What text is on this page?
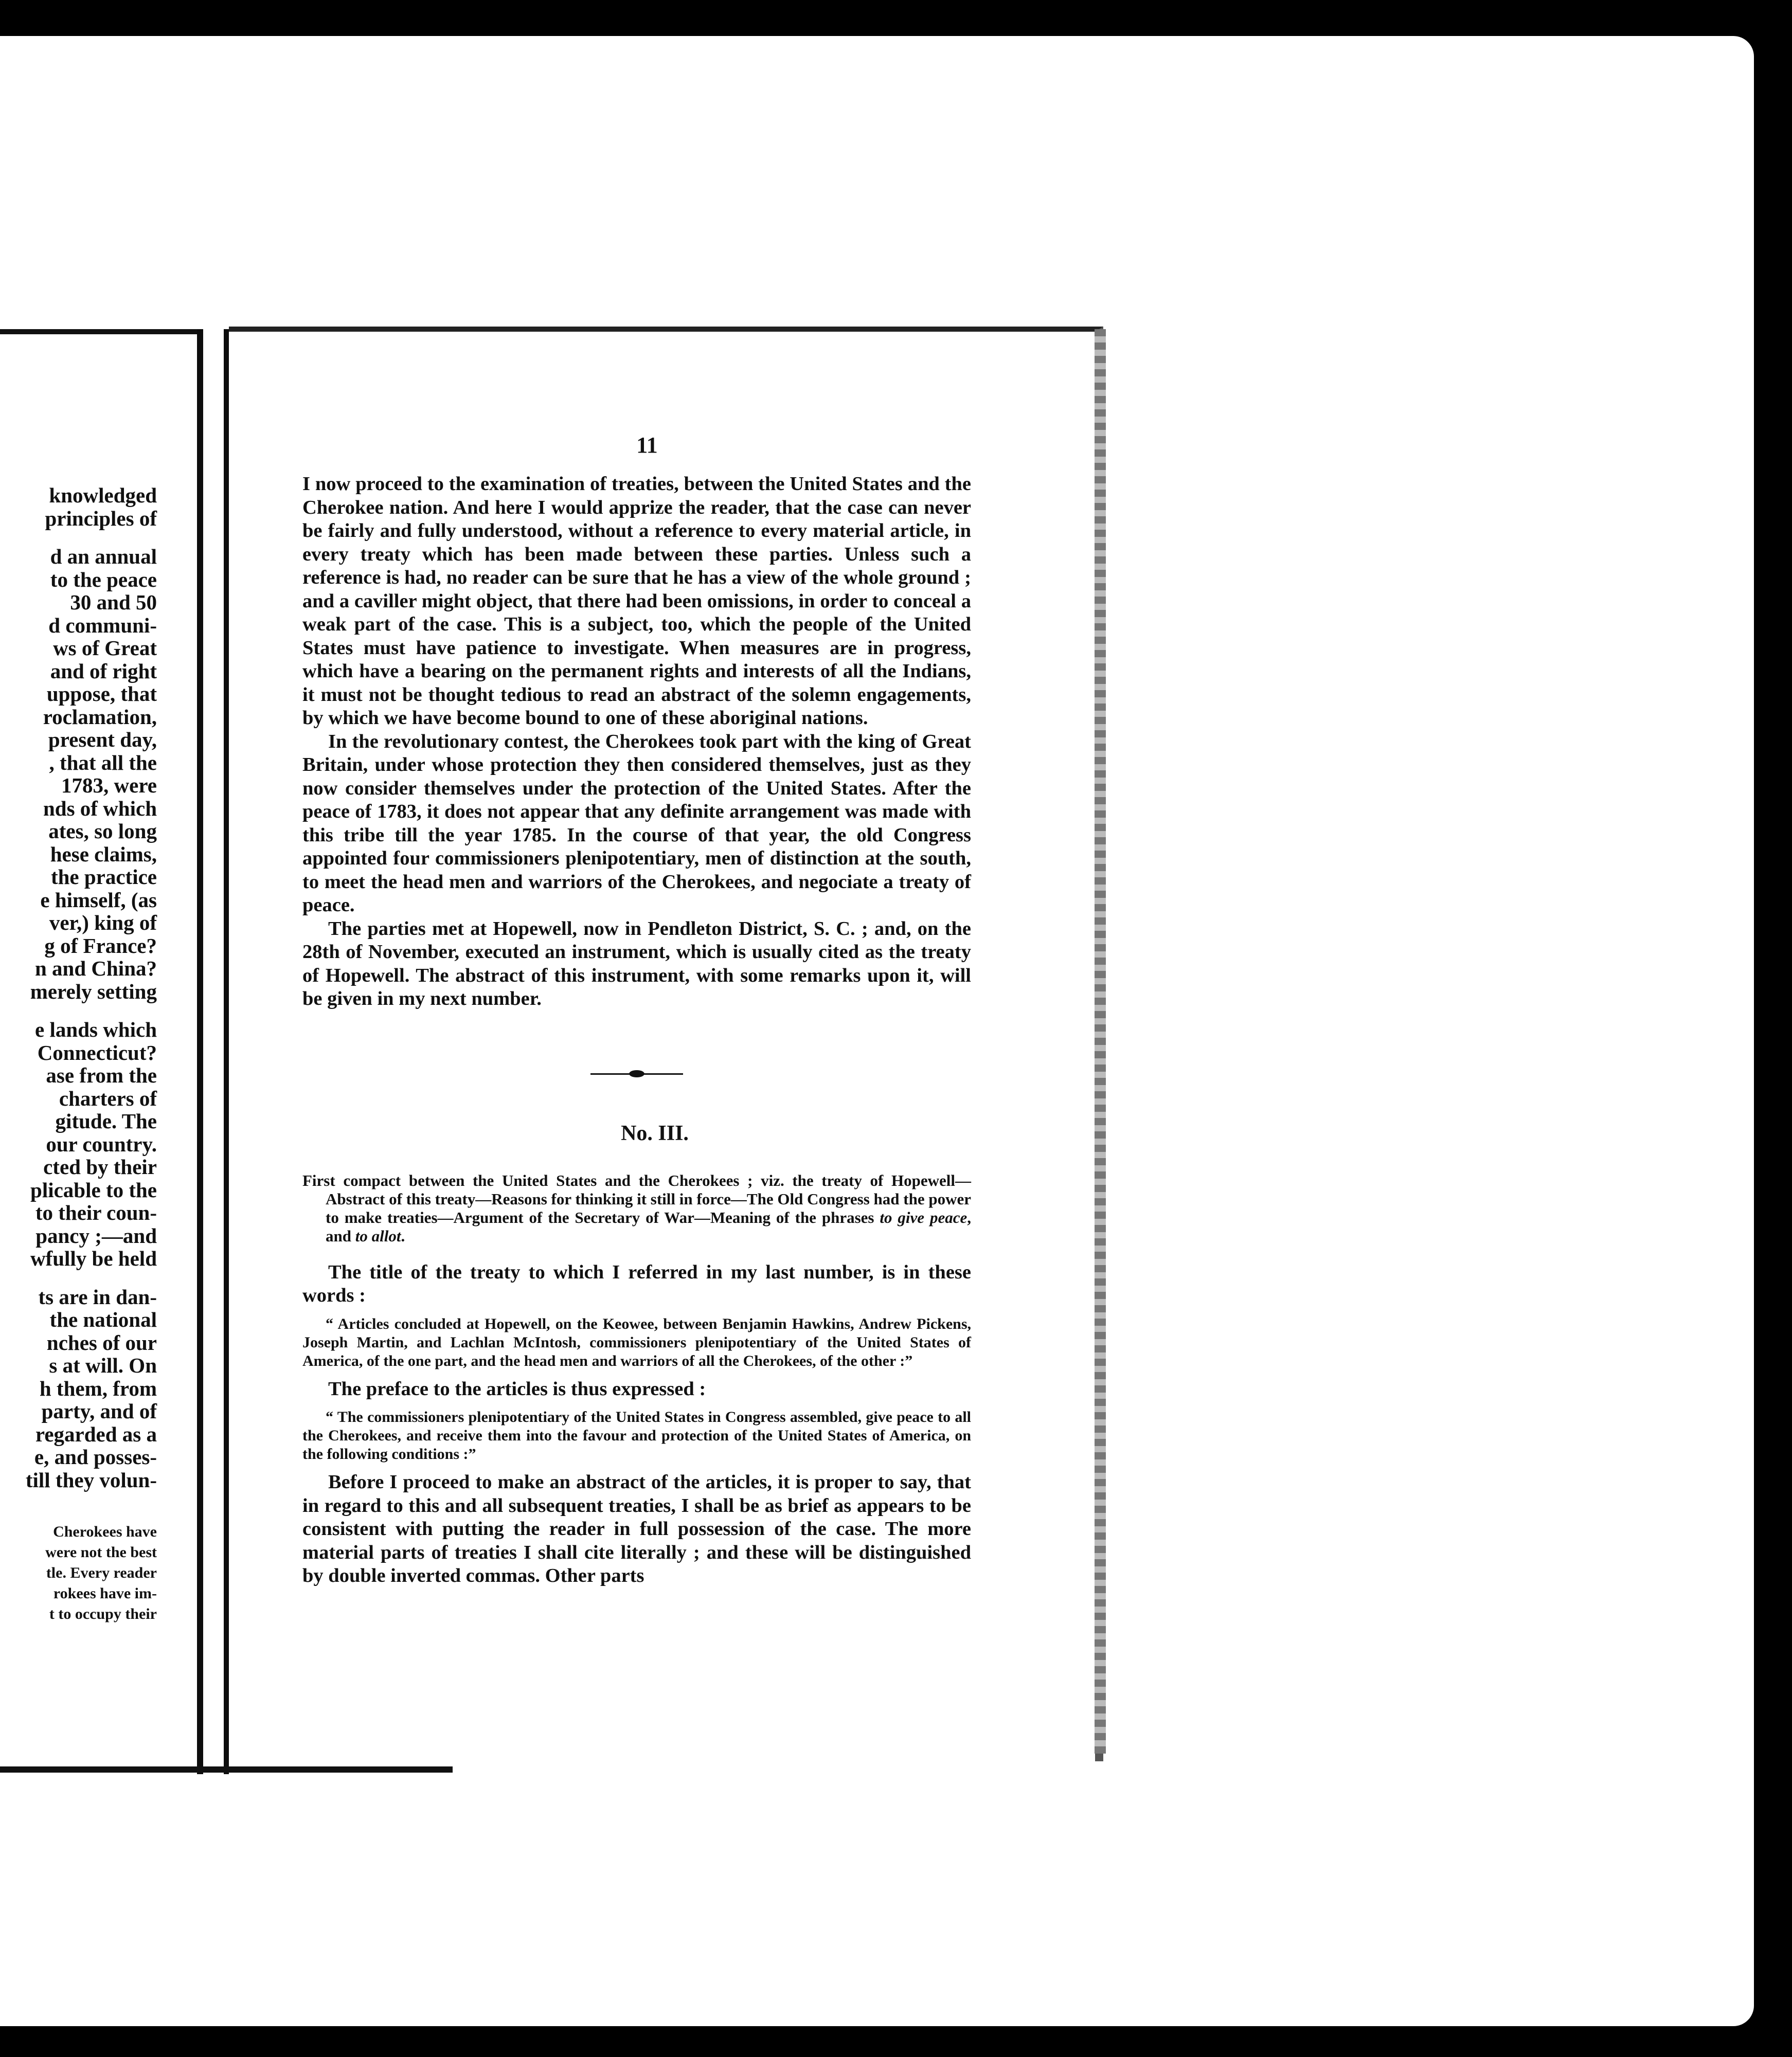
knowledged
principles of
d an annual
to the peace
30 and 50
d communi-
ws of Great
and of right
uppose, that
roclamation,
present day,
, that all the
1783, were
nds of which
ates, so long
hese claims,
the practice
e himself, (as
ver,) king of
g of France?
n and China?
merely setting
e lands which
Connecticut?
ase from the
charters of
gitude. The
our country.
cted by their
plicable to the
to their coun-
pancy ;—and
wfully be held
ts are in dan-
the national
nches of our
s at will. On
h them, from
party, and of
regarded as a
e, and posses-
till they volun-
Cherokees have
were not the best
tle. Every reader
rokees have im-
t to occupy their
11

I now proceed to the examination of treaties, between the United States and the Cherokee nation. And here I would apprize the reader, that the case can never be fairly and fully understood, without a reference to every material article, in every treaty which has been made between these parties. Unless such a reference is had, no reader can be sure that he has a view of the whole ground ; and a caviller might object, that there had been omissions, in order to conceal a weak part of the case. This is a subject, too, which the people of the United States must have patience to investigate. When measures are in progress, which have a bearing on the permanent rights and interests of all the Indians, it must not be thought tedious to read an abstract of the solemn engagements, by which we have become bound to one of these aboriginal nations.

In the revolutionary contest, the Cherokees took part with the king of Great Britain, under whose protection they then considered themselves, just as they now consider themselves under the protection of the United States. After the peace of 1783, it does not appear that any definite arrangement was made with this tribe till the year 1785. In the course of that year, the old Congress appointed four commissioners plenipotentiary, men of distinction at the south, to meet the head men and warriors of the Cherokees, and negociate a treaty of peace.

The parties met at Hopewell, now in Pendleton District, S. C. ; and, on the 28th of November, executed an instrument, which is usually cited as the treaty of Hopewell. The abstract of this instrument, with some remarks upon it, will be given in my next number.

No. III.

First compact between the United States and the Cherokees ; viz. the treaty of Hopewell—Abstract of this treaty—Reasons for thinking it still in force—The Old Congress had the power to make treaties—Argument of the Secretary of War—Meaning of the phrases to give peace, and to allot.

The title of the treaty to which I referred in my last number, is in these words :

“ Articles concluded at Hopewell, on the Keowee, between Benjamin Hawkins, Andrew Pickens, Joseph Martin, and Lachlan McIntosh, commissioners plenipotentiary of the United States of America, of the one part, and the head men and warriors of all the Cherokees, of the other :”

The preface to the articles is thus expressed :

“ The commissioners plenipotentiary of the United States in Congress assembled, give peace to all the Cherokees, and receive them into the favour and protection of the United States of America, on the following conditions :”

Before I proceed to make an abstract of the articles, it is proper to say, that in regard to this and all subsequent treaties, I shall be as brief as appears to be consistent with putting the reader in full possession of the case. The more material parts of treaties I shall cite literally ; and these will be distinguished by double inverted commas. Other parts
